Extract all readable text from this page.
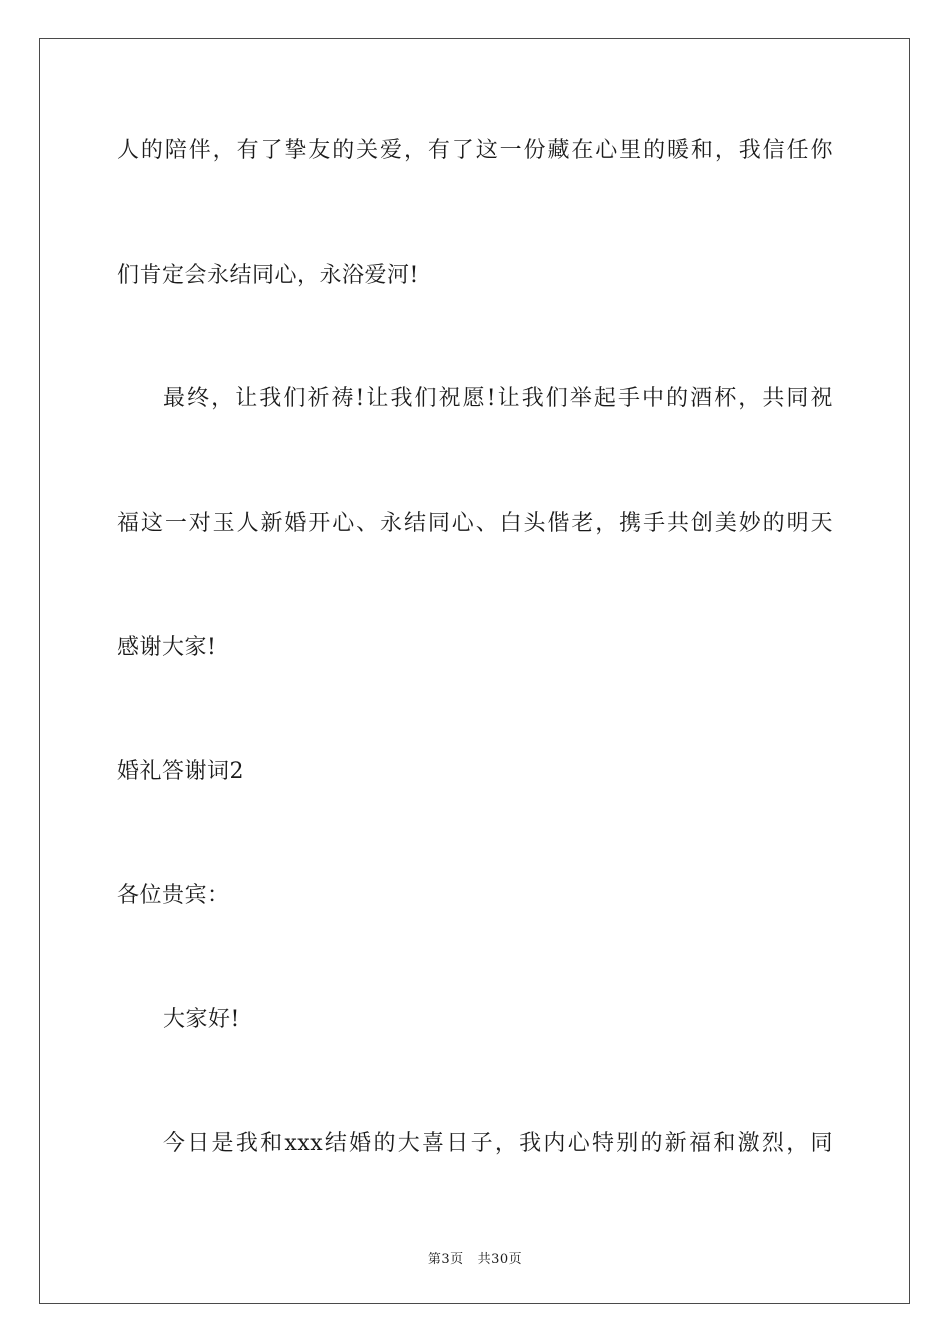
人的陪伴，有了挚友的关爱，有了这一份藏在心里的暖和，我信任你
们肯定会永结同心，永浴爱河!
最终，让我们祈祷!让我们祝愿!让我们举起手中的酒杯，共同祝
福这一对玉人新婚开心、永结同心、白头偕老，携手共创美妙的明天
感谢大家!
婚礼答谢词2
各位贵宾：
大家好!
今日是我和xxx结婚的大喜日子，我内心特别的新福和激烈，同
第3页 共30页
